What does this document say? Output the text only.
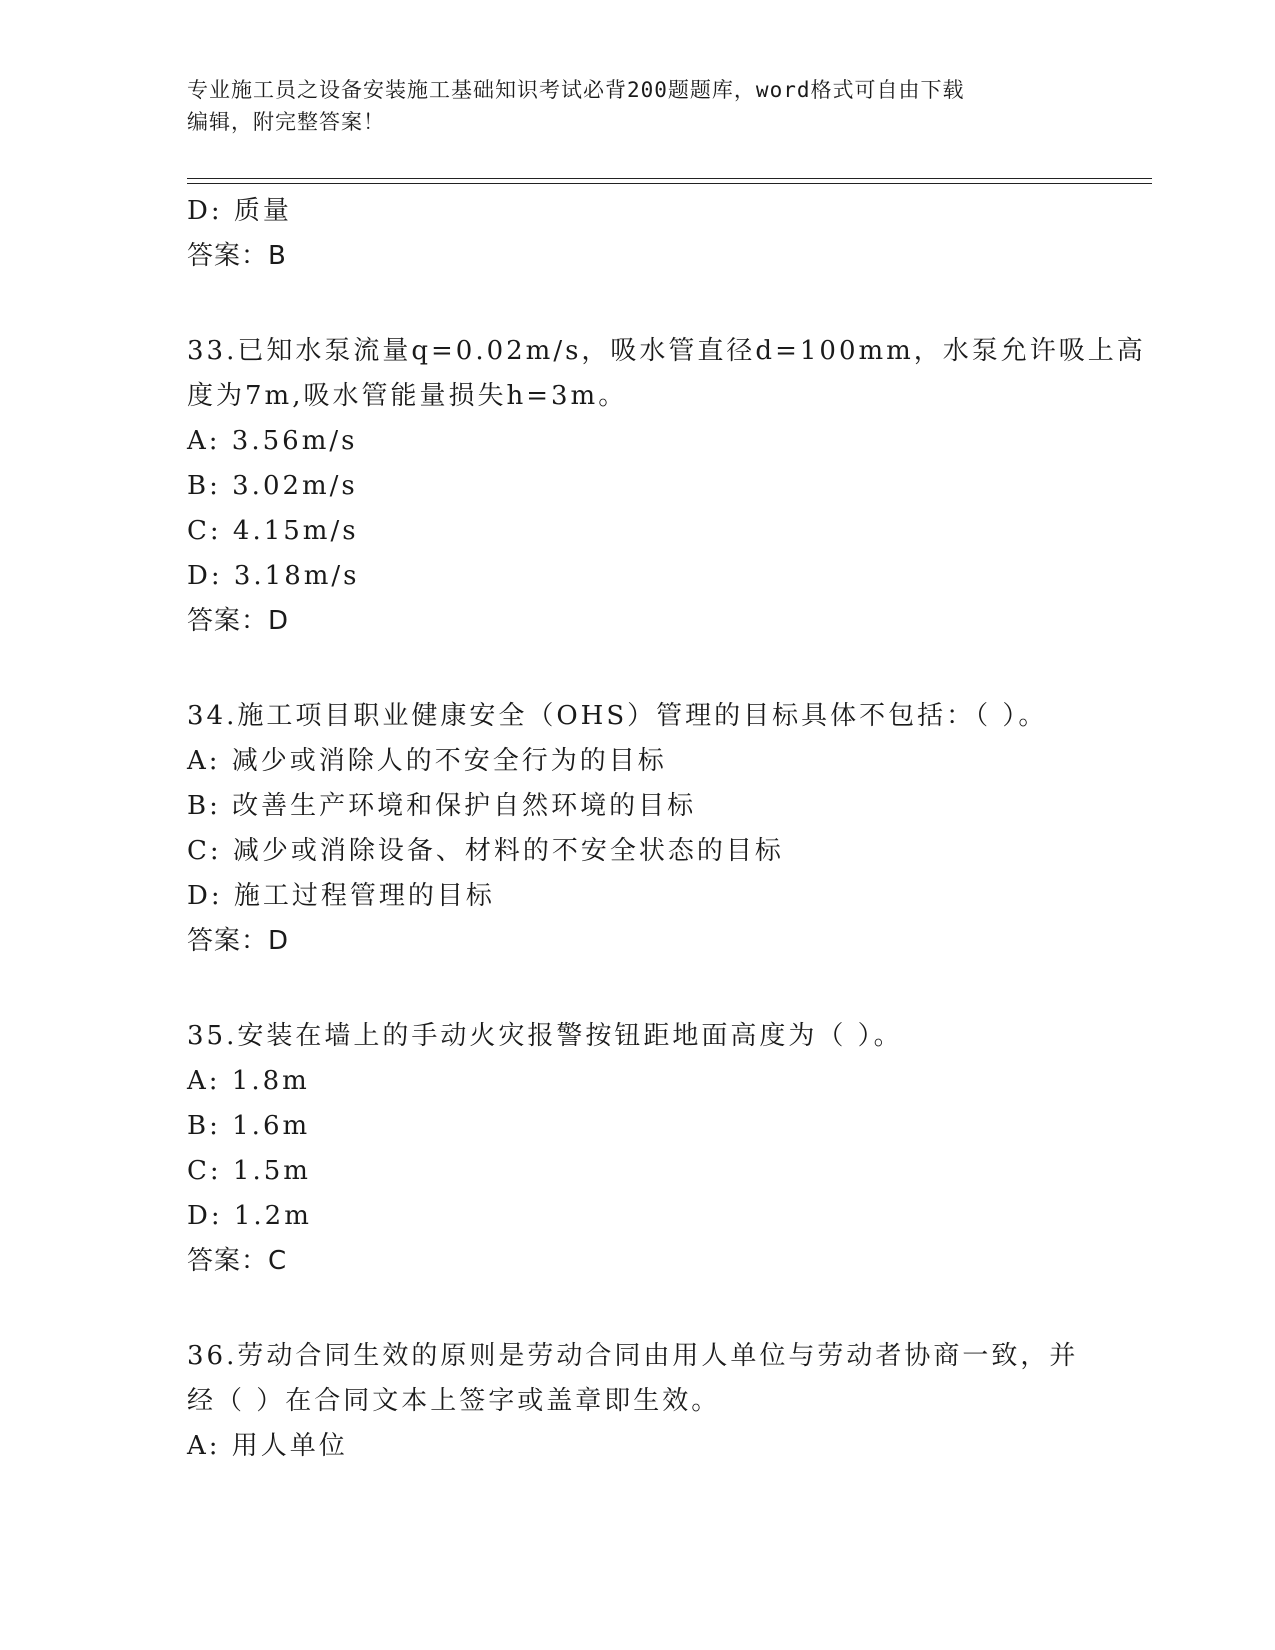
专业施工员之设备安装施工基础知识考试必背200题题库，word格式可自由下载
编辑，附完整答案！
D: 质量
答案：B
33.已知水泵流量q=0.02m/s，吸水管直径d=100mm，水泵允许吸上高
度为7m,吸水管能量损失h=3m。
A: 3.56m/s
B: 3.02m/s
C: 4.15m/s
D: 3.18m/s
答案：D
34.施工项目职业健康安全（OHS）管理的目标具体不包括：（ ）。
A: 减少或消除人的不安全行为的目标
B: 改善生产环境和保护自然环境的目标
C: 减少或消除设备、材料的不安全状态的目标
D: 施工过程管理的目标
答案：D
35.安装在墙上的手动火灾报警按钮距地面高度为（ ）。
A: 1.8m
B: 1.6m
C: 1.5m
D: 1.2m
答案：C
36.劳动合同生效的原则是劳动合同由用人单位与劳动者协商一致，并
经（ ）在合同文本上签字或盖章即生效。
A: 用人单位
